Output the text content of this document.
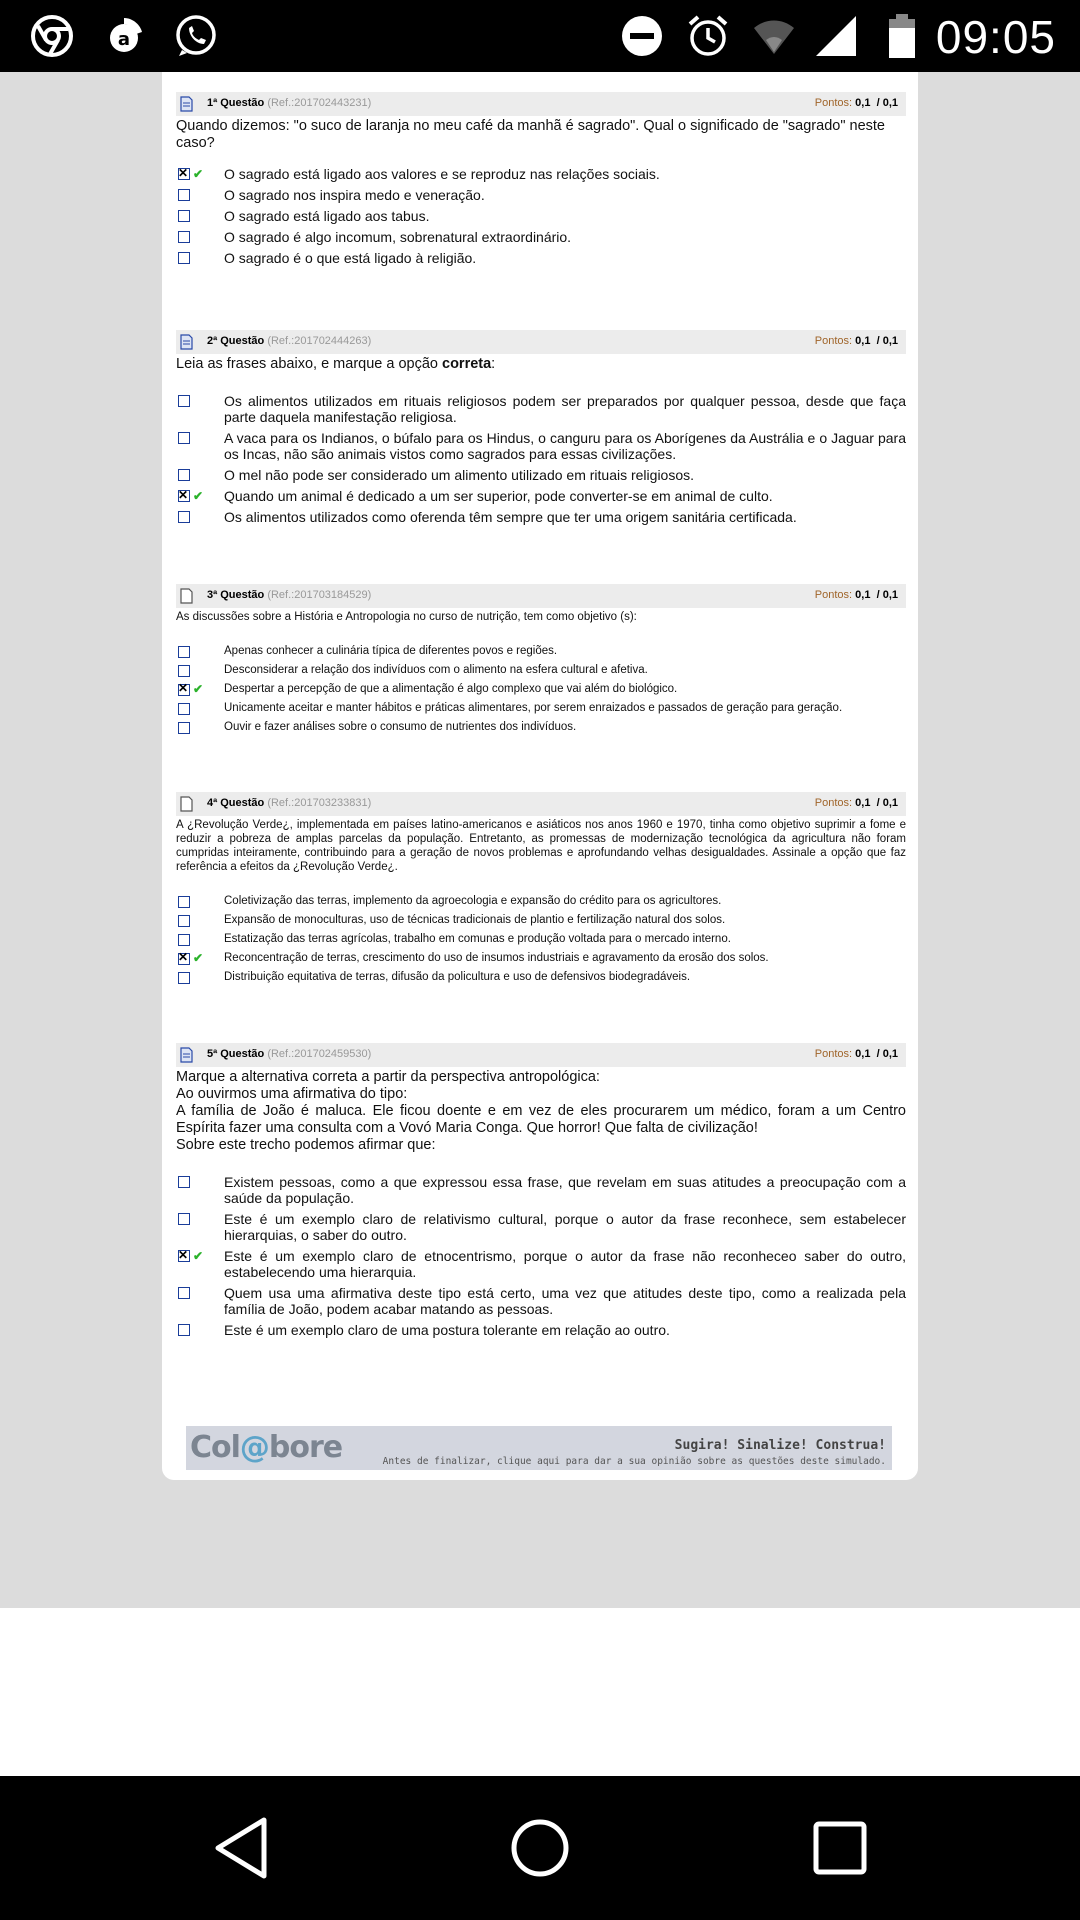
a	09:05
1ª Questão (Ref.:201702443231)	Pontos: 0,1 / 0,1
Quando dizemos: "o suco de laranja no meu café da manhã é sagrado". Qual o significado de "sagrado" neste caso?
✕
✔ O sagrado está ligado aos valores e se reproduz nas relações sociais.
O sagrado nos inspira medo e veneração.
O sagrado está ligado aos tabus.
O sagrado é algo incomum, sobrenatural extraordinário.
O sagrado é o que está ligado à religião.
2ª Questão (Ref.:201702444263)	Pontos: 0,1 / 0,1
Leia as frases abaixo, e marque a opção correta:
Os alimentos utilizados em rituais religiosos podem ser preparados por qualquer pessoa, desde que faça parte daquela manifestação religiosa.
A vaca para os Indianos, o búfalo para os Hindus, o canguru para os Aborígenes da Austrália e o Jaguar para os Incas, não são animais vistos como sagrados para essas civilizações.
O mel não pode ser considerado um alimento utilizado em rituais religiosos.
✕
✔ Quando um animal é dedicado a um ser superior, pode converter-se em animal de culto.
Os alimentos utilizados como oferenda têm sempre que ter uma origem sanitária certificada.
3ª Questão (Ref.:201703184529)	Pontos: 0,1 / 0,1
As discussões sobre a História e Antropologia no curso de nutrição, tem como objetivo (s):
Apenas conhecer a culinária típica de diferentes povos e regiões.
Desconsiderar a relação dos indivíduos com o alimento na esfera cultural e afetiva.
✕
✔ Despertar a percepção de que a alimentação é algo complexo que vai além do biológico.
Unicamente aceitar e manter hábitos e práticas alimentares, por serem enraizados e passados de geração para geração.
Ouvir e fazer análises sobre o consumo de nutrientes dos indivíduos.
4ª Questão (Ref.:201703233831)	Pontos: 0,1 / 0,1
A ¿Revolução Verde¿, implementada em países latino-americanos e asiáticos nos anos 1960 e 1970, tinha como objetivo suprimir a fome e reduzir a pobreza de amplas parcelas da população. Entretanto, as promessas de modernização tecnológica da agricultura não foram cumpridas inteiramente, contribuindo para a geração de novos problemas e aprofundando velhas desigualdades. Assinale a opção que faz referência a efeitos da ¿Revolução Verde¿.
Coletivização das terras, implemento da agroecologia e expansão do crédito para os agricultores.
Expansão de monoculturas, uso de técnicas tradicionais de plantio e fertilização natural dos solos.
Estatização das terras agrícolas, trabalho em comunas e produção voltada para o mercado interno.
✕
✔ Reconcentração de terras, crescimento do uso de insumos industriais e agravamento da erosão dos solos.
Distribuição equitativa de terras, difusão da policultura e uso de defensivos biodegradáveis.
5ª Questão (Ref.:201702459530)	Pontos: 0,1 / 0,1
Marque a alternativa correta a partir da perspectiva antropológica:
Ao ouvirmos uma afirmativa do tipo:
A família de João é maluca. Ele ficou doente e em vez de eles procurarem um médico, foram a um Centro Espírita fazer uma consulta com a Vovó Maria Conga. Que horror! Que falta de civilização!
Sobre este trecho podemos afirmar que:
Existem pessoas, como a que expressou essa frase, que revelam em suas atitudes a preocupação com a saúde da população.
Este é um exemplo claro de relativismo cultural, porque o autor da frase reconhece, sem estabelecer hierarquias, o saber do outro.
✕
✔ Este é um exemplo claro de etnocentrismo, porque o autor da frase não reconheceo saber do outro, estabelecendo uma hierarquia.
Quem usa uma afirmativa deste tipo está certo, uma vez que atitudes deste tipo, como a realizada pela família de João, podem acabar matando as pessoas.
Este é um exemplo claro de uma postura tolerante em relação ao outro.
Col@bore	Sugira! Sinalize! Construa!
Antes de finalizar, clique aqui para dar a sua opinião sobre as questões deste simulado.
